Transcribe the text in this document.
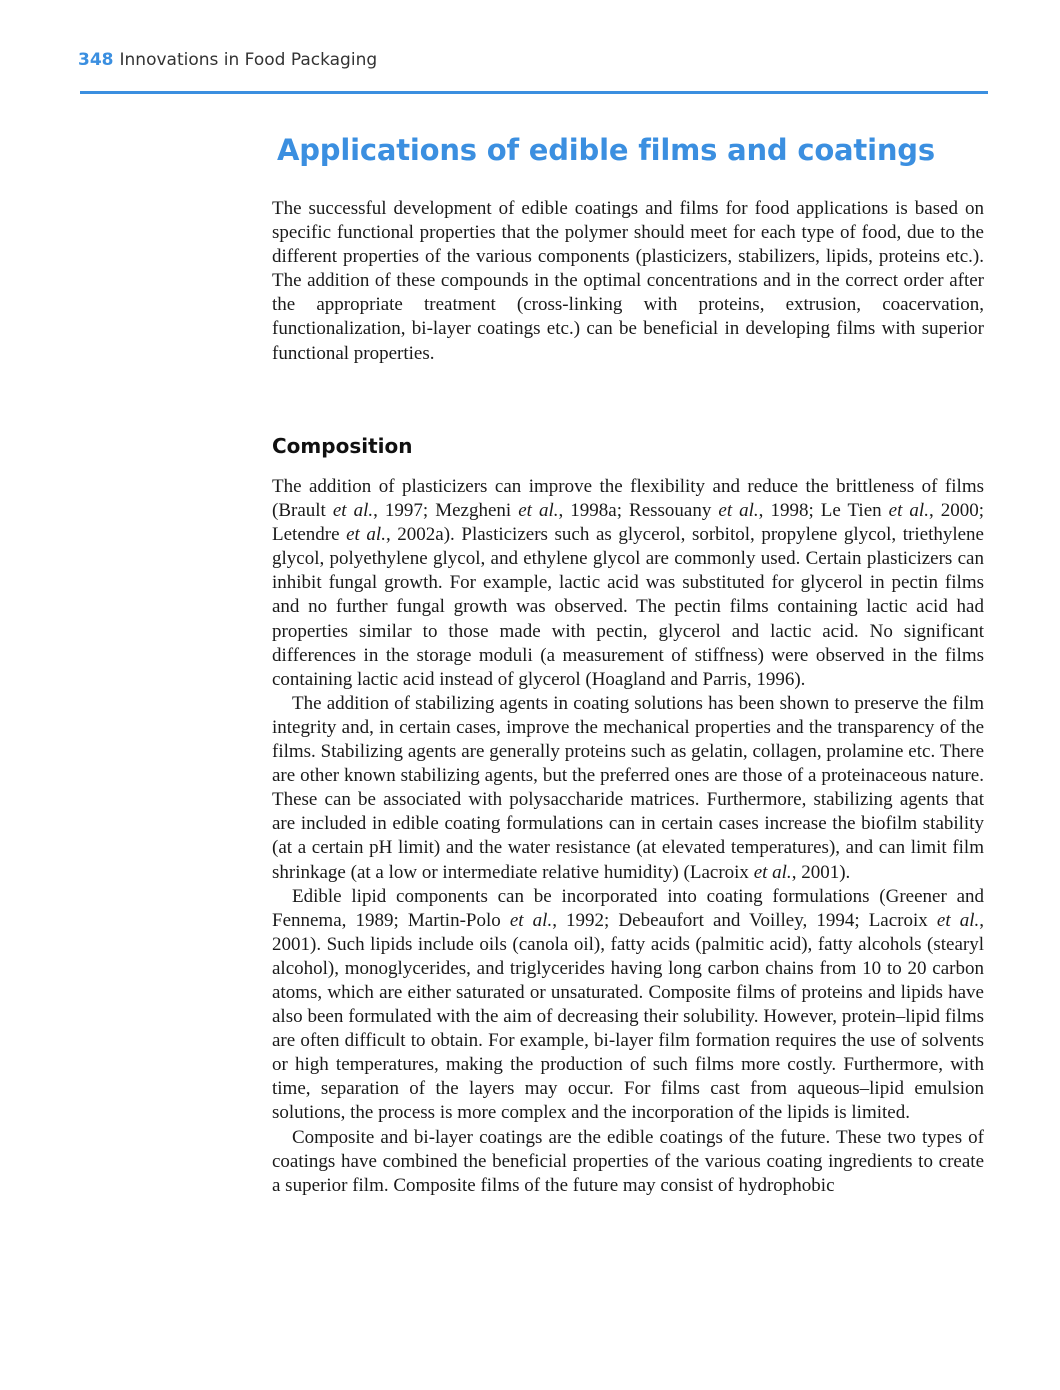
348 Innovations in Food Packaging
Applications of edible films and coatings

The successful development of edible coatings and films for food applications is based on specific functional properties that the polymer should meet for each type of food, due to the different properties of the various components (plasticizers, stabilizers, lipids, proteins etc.). The addition of these compounds in the optimal concentrations and in the correct order after the appropriate treatment (cross-linking with proteins, extrusion, coacervation, functionalization, bi-layer coatings etc.) can be beneficial in developing films with superior functional properties.

Composition

The addition of plasticizers can improve the flexibility and reduce the brittleness of films (Brault et al., 1997; Mezgheni et al., 1998a; Ressouany et al., 1998; Le Tien et al., 2000; Letendre et al., 2002a). Plasticizers such as glycerol, sorbitol, propylene glycol, triethylene glycol, polyethylene glycol, and ethylene glycol are commonly used. Certain plasticizers can inhibit fungal growth. For example, lactic acid was substituted for glycerol in pectin films and no further fungal growth was observed. The pectin films containing lactic acid had properties similar to those made with pectin, glycerol and lactic acid. No significant differences in the storage moduli (a measurement of stiffness) were observed in the films containing lactic acid instead of glycerol (Hoagland and Parris, 1996).

The addition of stabilizing agents in coating solutions has been shown to preserve the film integrity and, in certain cases, improve the mechanical properties and the transparency of the films. Stabilizing agents are generally proteins such as gelatin, collagen, prolamine etc. There are other known stabilizing agents, but the preferred ones are those of a proteinaceous nature. These can be associated with polysaccharide matrices. Furthermore, stabilizing agents that are included in edible coating formulations can in certain cases increase the biofilm stability (at a certain pH limit) and the water resistance (at elevated temperatures), and can limit film shrinkage (at a low or intermediate relative humidity) (Lacroix et al., 2001).

Edible lipid components can be incorporated into coating formulations (Greener and Fennema, 1989; Martin-Polo et al., 1992; Debeaufort and Voilley, 1994; Lacroix et al., 2001). Such lipids include oils (canola oil), fatty acids (palmitic acid), fatty alcohols (stearyl alcohol), monoglycerides, and triglycerides having long carbon chains from 10 to 20 carbon atoms, which are either saturated or unsaturated. Composite films of proteins and lipids have also been formulated with the aim of decreasing their solubility. However, protein–lipid films are often difficult to obtain. For example, bi-layer film formation requires the use of solvents or high temperatures, making the production of such films more costly. Furthermore, with time, separation of the layers may occur. For films cast from aqueous–lipid emulsion solutions, the process is more complex and the incorporation of the lipids is limited.

Composite and bi-layer coatings are the edible coatings of the future. These two types of coatings have combined the beneficial properties of the various coating ingredients to create a superior film. Composite films of the future may consist of hydrophobic
